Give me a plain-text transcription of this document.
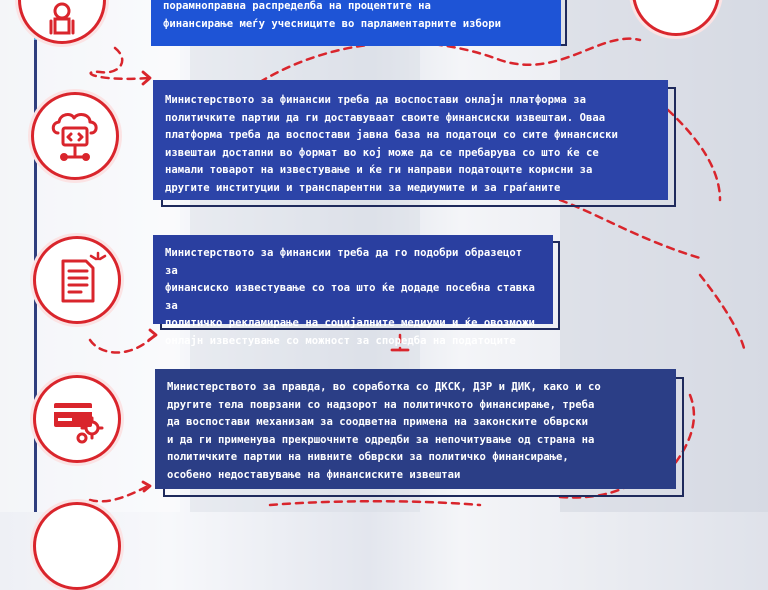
порамноправна распределба на процентите на
финансирање меѓу учесниците во парламентарните избори
Министерството за финансии треба да воспостави онлајн платформа за
политичките партии да ги доставуваат своите финансиски извештаи. Оваа
платформа треба да воспостави јавна база на податоци со сите финансиски
извештаи достапни во формат во кој може да се пребарува со што ќе се
намали товарот на известување и ќе ги направи податоците корисни за
другите институции и транспарентни за медиумите и за граѓаните
Министерството за финансии треба да го подобри образецот за
финансиско известување со тоа што ќе додаде посебна ставка за
политичко рекламирање на социјалните медиуми и ќе овозможи
онлајн известување со можност за споредба на податоците
Министерството за правда, во соработка со ДКСК, ДЗР и ДИК, како и со
другите тела поврзани со надзорот на политичкото финансирање, треба
да воспостави механизам за соодветна примена на законските обврски
и да ги применува прекршочните одредби за непочитување од страна на
политичките партии на нивните обврски за политичко финансирање,
особено недоставување на финансиските извештаи
